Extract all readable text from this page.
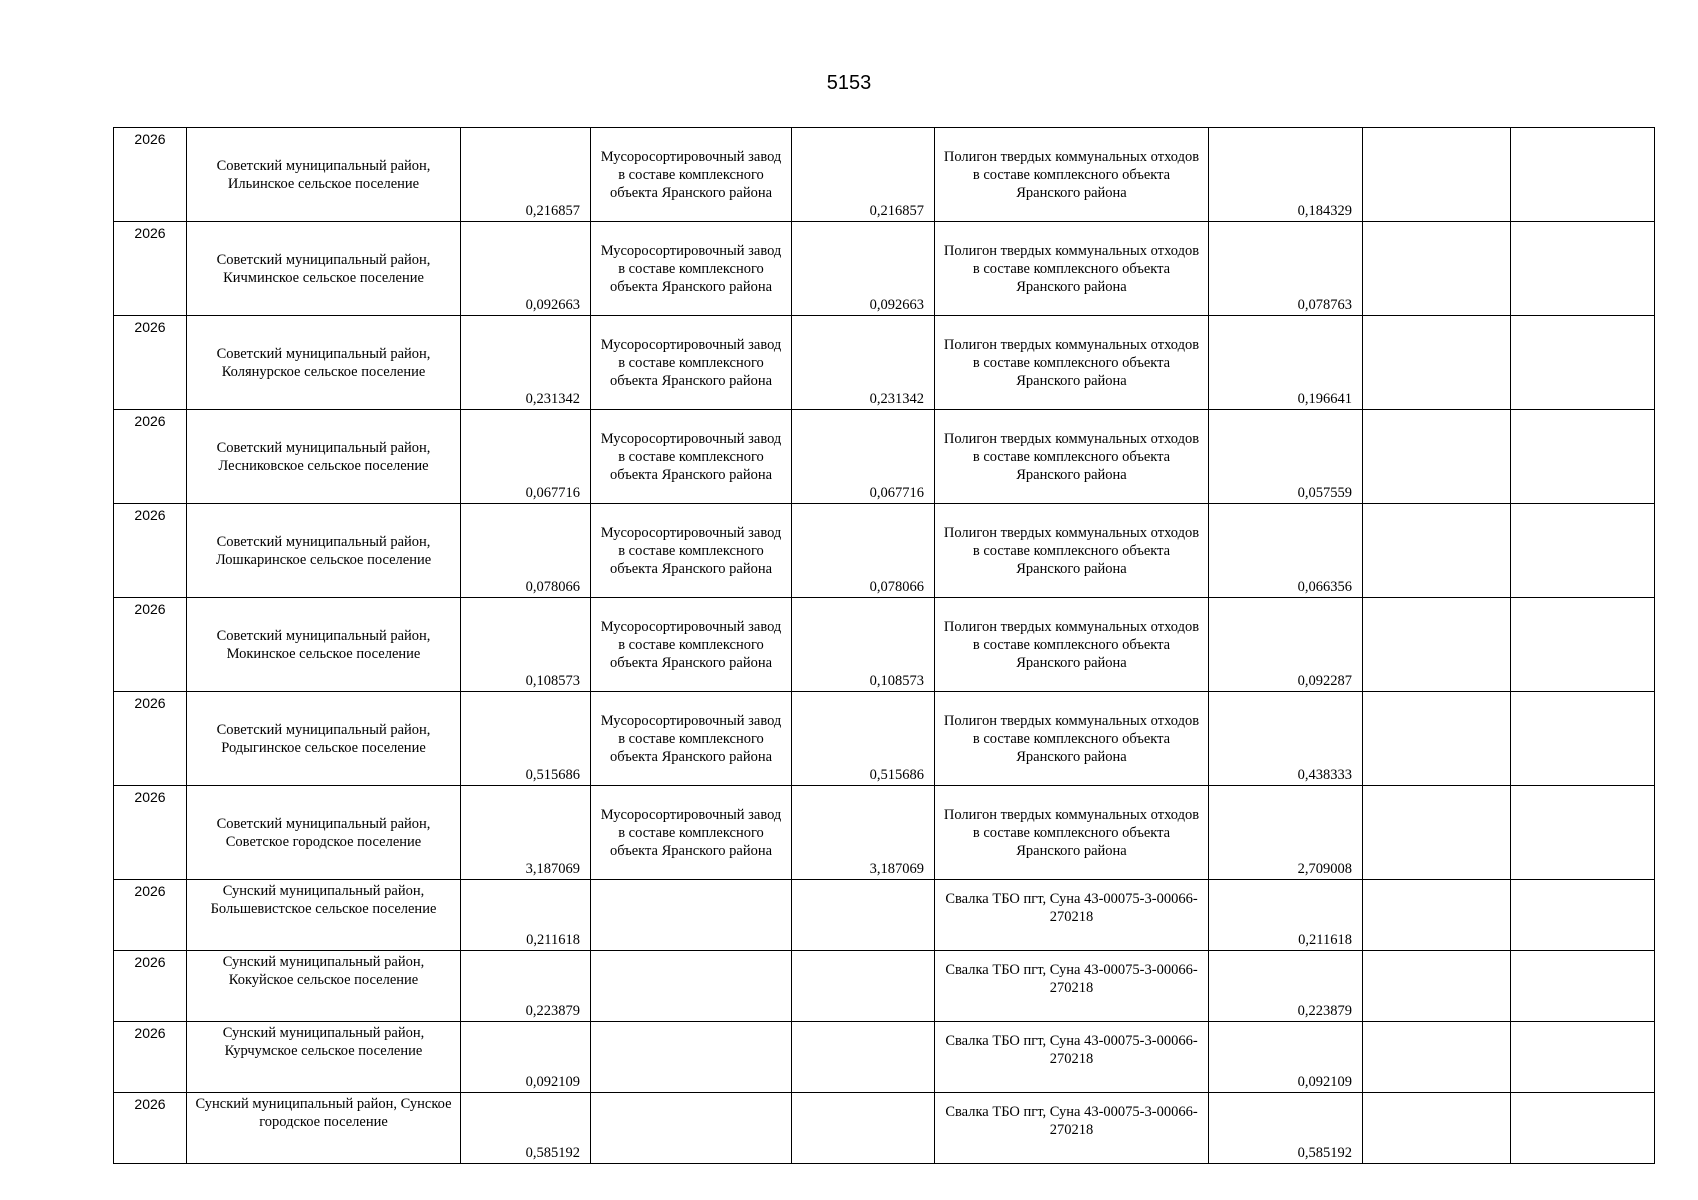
5153
2026	Советский муниципальный район, Ильинское сельское поселение	0,216857	Мусоросортировочный завод в составе комплексного объекта Яранского района	0,216857	Полигон твердых коммунальных отходов в составе комплексного объекта Яранского района	0,184329		
2026	Советский муниципальный район, Кичминское сельское поселение	0,092663	Мусоросортировочный завод в составе комплексного объекта Яранского района	0,092663	Полигон твердых коммунальных отходов в составе комплексного объекта Яранского района	0,078763		
2026	Советский муниципальный район, Колянурское сельское поселение	0,231342	Мусоросортировочный завод в составе комплексного объекта Яранского района	0,231342	Полигон твердых коммунальных отходов в составе комплексного объекта Яранского района	0,196641		
2026	Советский муниципальный район, Лесниковское сельское поселение	0,067716	Мусоросортировочный завод в составе комплексного объекта Яранского района	0,067716	Полигон твердых коммунальных отходов в составе комплексного объекта Яранского района	0,057559		
2026	Советский муниципальный район, Лошкаринское сельское поселение	0,078066	Мусоросортировочный завод в составе комплексного объекта Яранского района	0,078066	Полигон твердых коммунальных отходов в составе комплексного объекта Яранского района	0,066356		
2026	Советский муниципальный район, Мокинское сельское поселение	0,108573	Мусоросортировочный завод в составе комплексного объекта Яранского района	0,108573	Полигон твердых коммунальных отходов в составе комплексного объекта Яранского района	0,092287		
2026	Советский муниципальный район, Родыгинское сельское поселение	0,515686	Мусоросортировочный завод в составе комплексного объекта Яранского района	0,515686	Полигон твердых коммунальных отходов в составе комплексного объекта Яранского района	0,438333		
2026	Советский муниципальный район, Советское городское поселение	3,187069	Мусоросортировочный завод в составе комплексного объекта Яранского района	3,187069	Полигон твердых коммунальных отходов в составе комплексного объекта Яранского района	2,709008		
2026	Сунский муниципальный район, Большевистское сельское поселение	0,211618			Свалка ТБО пгт, Суна 43-00075-3-00066-270218	0,211618		
2026	Сунский муниципальный район, Кокуйское сельское поселение	0,223879			Свалка ТБО пгт, Суна 43-00075-3-00066-270218	0,223879		
2026	Сунский муниципальный район, Курчумское сельское поселение	0,092109			Свалка ТБО пгт, Суна 43-00075-3-00066-270218	0,092109		
2026	Сунский муниципальный район, Сунское городское поселение	0,585192			Свалка ТБО пгт, Суна 43-00075-3-00066-270218	0,585192		
